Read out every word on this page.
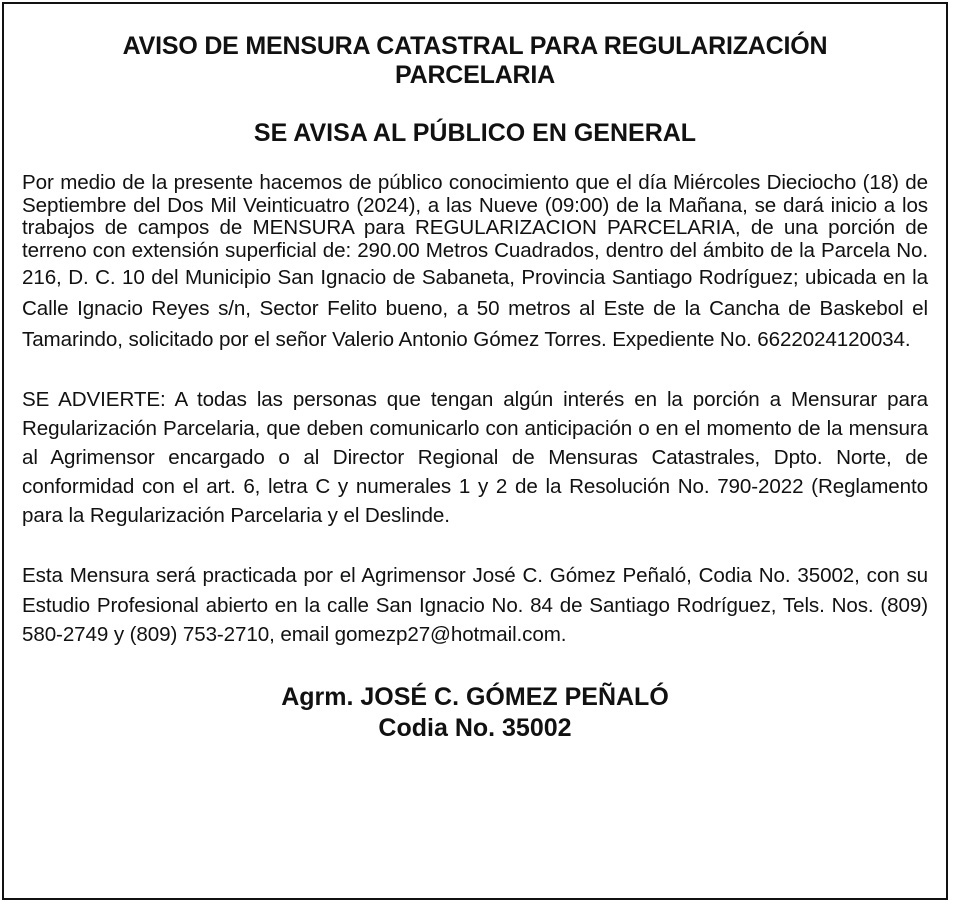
AVISO DE MENSURA CATASTRAL PARA REGULARIZACIÓN
PARCELARIA
SE AVISA AL PÚBLICO EN GENERAL
Por medio de la presente hacemos de público conocimiento que el día Miércoles Dieciocho (18) de Septiembre del Dos Mil Veinticuatro (2024), a las Nueve (09:00) de la Mañana, se dará inicio a los trabajos de campos de MENSURA para REGULARIZACION PARCELARIA, de una porción de terreno con extensión superficial de: 290.00 Metros Cuadrados, dentro del ámbito de la Parcela No. 216, D. C. 10 del Municipio San Ignacio de Sabaneta, Provincia Santiago Rodríguez; ubicada en la Calle Ignacio Reyes s/n, Sector Felito bueno, a 50 metros al Este de la Cancha de Baskebol el Tamarindo, solicitado por el señor Valerio Antonio Gómez Torres. Expediente No. 6622024120034.
SE ADVIERTE: A todas las personas que tengan algún interés en la porción a Mensurar para Regularización Parcelaria, que deben comunicarlo con anticipación o en el momento de la mensura al Agrimensor encargado o al Director Regional de Mensuras Catastrales, Dpto. Norte, de conformidad con el art. 6, letra C y numerales 1 y 2 de la Resolución No. 790-2022 (Reglamento para la Regularización Parcelaria y el Deslinde.
Esta Mensura será practicada por el Agrimensor José C. Gómez Peñaló, Codia No. 35002, con su Estudio Profesional abierto en la calle San Ignacio No. 84 de Santiago Rodríguez, Tels. Nos. (809) 580-2749 y (809) 753-2710, email gomezp27@hotmail.com.
Agrm. JOSÉ C. GÓMEZ PEÑALÓ
Codia No. 35002
